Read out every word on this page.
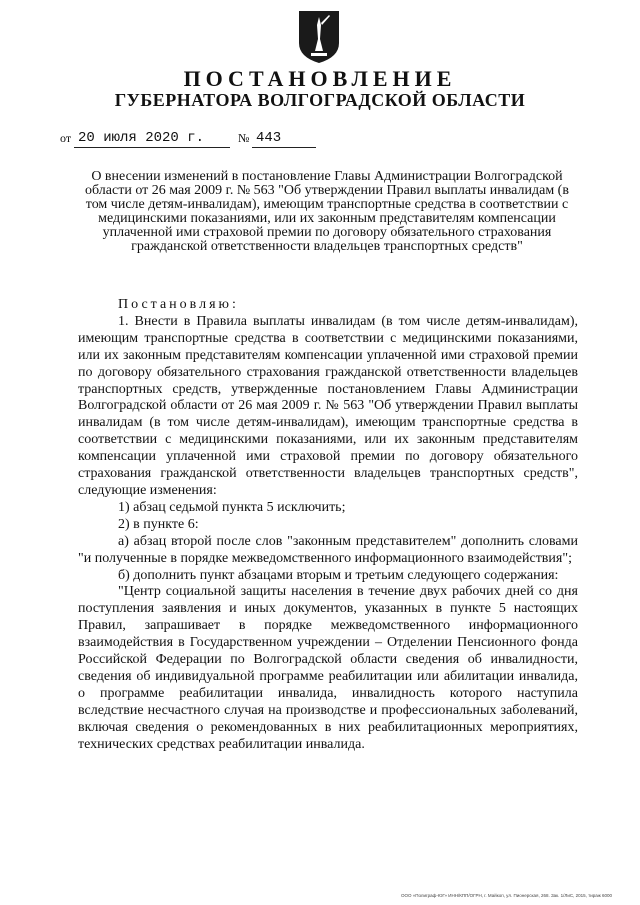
ПОСТАНОВЛЕНИЕ
ГУБЕРНАТОРА ВОЛГОГРАДСКОЙ ОБЛАСТИ
от 20 июля 2020 г.	№ 443
О внесении изменений в постановление Главы Администрации Волгоградской области от 26 мая 2009 г. № 563 "Об утверждении Правил выплаты инвалидам (в том числе детям-инвалидам), имеющим транспортные средства в соответствии с медицинскими показаниями, или их законным представителям компенсации уплаченной ими страховой премии по договору обязательного страхования гражданской ответственности владельцев транспортных средств"

Постановляю:

1. Внести в Правила выплаты инвалидам (в том числе детям-инвалидам), имеющим транспортные средства в соответствии с медицинскими показаниями, или их законным представителям компенсации уплаченной ими страховой премии по договору обязательного страхования гражданской ответственности владельцев транспортных средств, утвержденные постановлением Главы Администрации Волгоградской области от 26 мая 2009 г. № 563 "Об утверждении Правил выплаты инвалидам (в том числе детям-инвалидам), имеющим транспортные средства в соответствии с медицинскими показаниями, или их законным представителям компенсации уплаченной ими страховой премии по договору обязательного страхования гражданской ответственности владельцев транспортных средств", следующие изменения:

1) абзац седьмой пункта 5 исключить;

2) в пункте 6:

а) абзац второй после слов "законным представителем" дополнить словами "и полученные в порядке межведомственного информационного взаимодействия";

б) дополнить пункт абзацами вторым и третьим следующего содержания:

"Центр социальной защиты населения в течение двух рабочих дней со дня поступления заявления и иных документов, указанных в пункте 5 настоящих Правил, запрашивает в порядке межведомственного информационного взаимодействия в Государственном учреждении – Отделении Пенсионного фонда Российской Федерации по Волгоградской области сведения об инвалидности, сведения об индивидуальной программе реабилитации или абилитации инвалида, о программе реабилитации инвалида, инвалидность которого наступила вследствие несчастного случая на производстве и профессиональных заболеваний, включая сведения о рекомендованных в них реабилитационных мероприятиях, технических средствах реабилитации инвалида.

ООО «Полиграф-ЮГ» ИНН/КПП/ОГРН, г. Майкоп, ул. Пионерская, 268. Зак. 1/ЛиС, 2015, тираж 6000
